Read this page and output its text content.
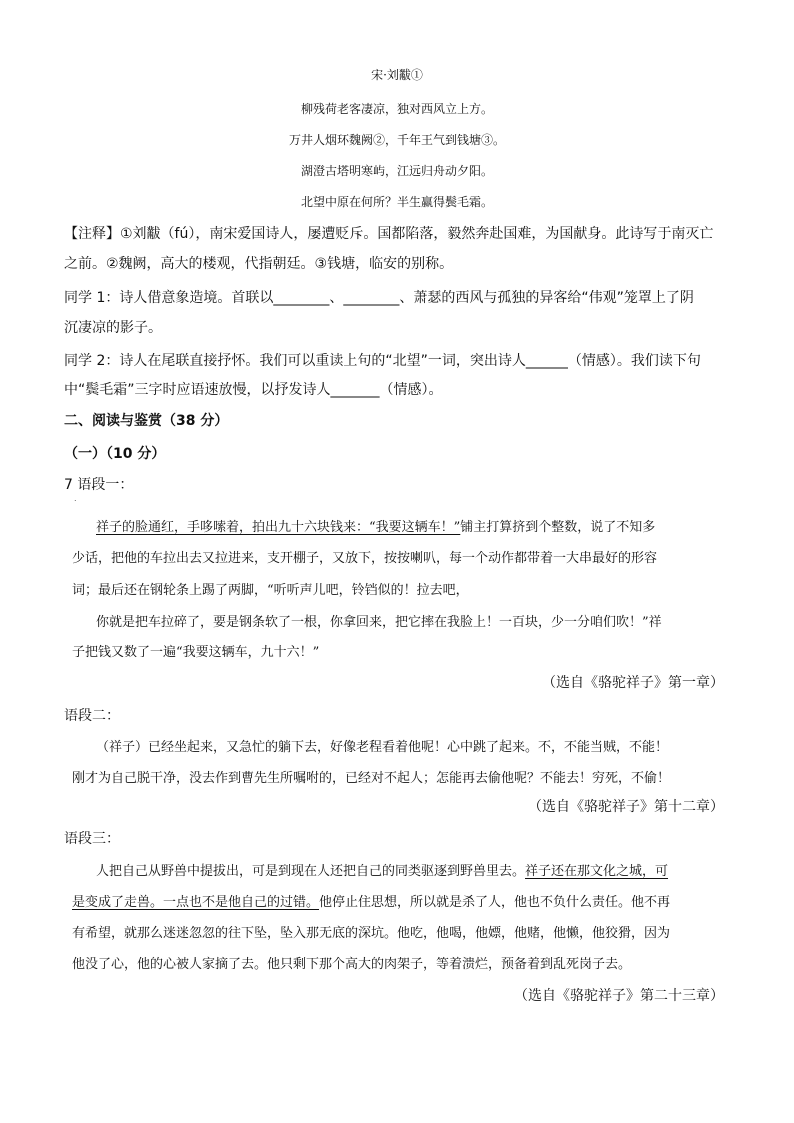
宋·刘黻①
柳残荷老客凄凉，独对西风立上方。
万井人烟环魏阙②，千年王气到钱塘③。
湖澄古塔明寒屿，江远归舟动夕阳。
北望中原在何所？半生赢得鬓毛霜。
【注释】①刘黻（fú），南宋爱国诗人，屡遭贬斥。国都陷落，毅然奔赴国难，为国献身。此诗写于南灭亡
之前。②魏阙，高大的楼观，代指朝廷。③钱塘，临安的别称。
同学 1：诗人借意象造境。首联以________、________、萧瑟的西风与孤独的异客给“伟观”笼罩上了阴
沉凄凉的影子。
同学 2：诗人在尾联直接抒怀。我们可以重读上句的“北望”一词，突出诗人______（情感）。我们读下句
中“鬓毛霜”三字时应语速放慢，以抒发诗人_______（情感）。
二、阅读与鉴赏（38 分）
（一）（10 分）
7 语段一：
.
祥子的脸通红，手哆嗦着，拍出九十六块钱来：“我要这辆车！”铺主打算挤到个整数，说了不知多
少话，把他的车拉出去又拉进来，支开棚子，又放下，按按喇叭，每一个动作都带着一大串最好的形容
词；最后还在钢轮条上踢了两脚，“听听声儿吧，铃铛似的！拉去吧，
你就是把车拉碎了，要是钢条软了一根，你拿回来，把它摔在我脸上！一百块，少一分咱们吹！”祥
子把钱又数了一遍“我要这辆车，九十六！”
（选自《骆驼祥子》第一章）
语段二：
（祥子）已经坐起来，又急忙的躺下去，好像老程看着他呢！心中跳了起来。不，不能当贼，不能！
刚才为自己脱干净，没去作到曹先生所嘱咐的，已经对不起人；怎能再去偷他呢？不能去！穷死，不偷！
（选自《骆驼祥子》第十二章）
语段三：
人把自己从野兽中提拔出，可是到现在人还把自己的同类驱逐到野兽里去。祥子还在那文化之城，可
是变成了走兽。一点也不是他自己的过错。他停止住思想，所以就是杀了人，他也不负什么责任。他不再
有希望，就那么迷迷忽忽的往下坠，坠入那无底的深坑。他吃，他喝，他嫖，他赌，他懒，他狡猾，因为
他没了心，他的心被人家摘了去。他只剩下那个高大的肉架子，等着溃烂，预备着到乱死岗子去。
（选自《骆驼祥子》第二十三章）
